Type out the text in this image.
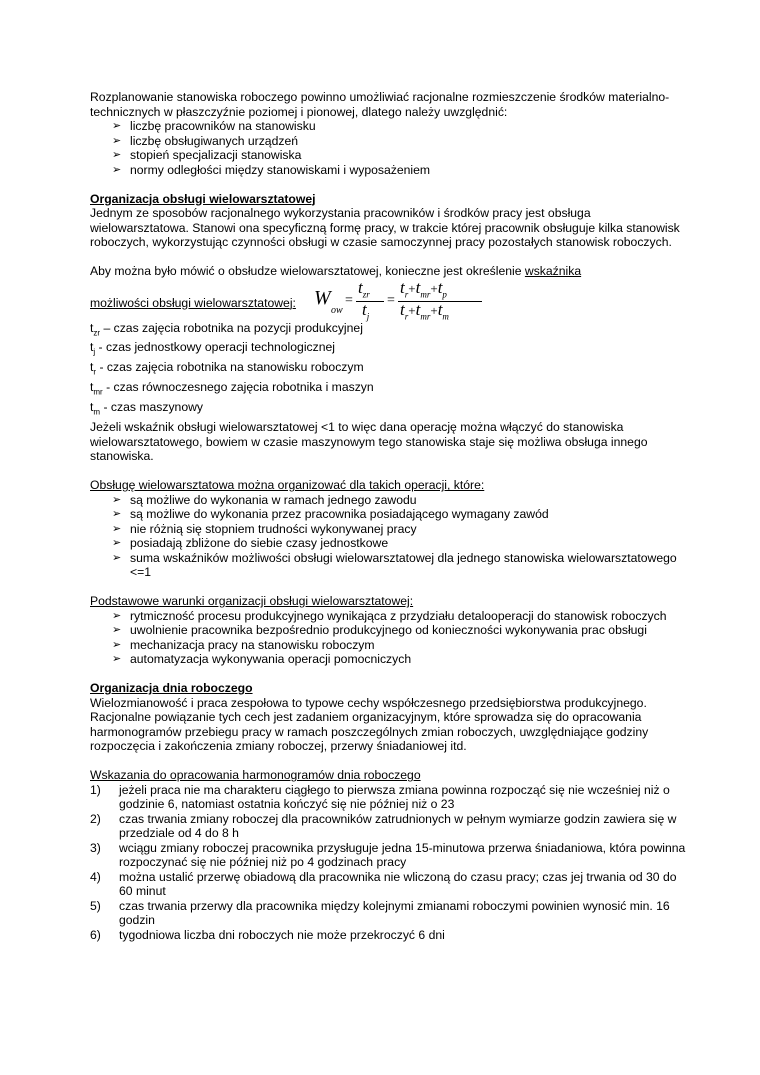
Rozplanowanie stanowiska roboczego powinno umożliwiać racjonalne rozmieszczenie środków materialno-technicznych w płaszczyźnie poziomej i pionowej, dlatego należy uwzględnić:

➢ liczbę pracowników na stanowisku
➢ liczbę obsługiwanych urządzeń
➢ stopień specjalizacji stanowiska
➢ normy odległości między stanowiskami i wyposażeniem

Organizacja obsługi wielowarsztatowej

Jednym ze sposobów racjonalnego wykorzystania pracowników i środków pracy jest obsługa wielowarsztatowa. Stanowi ona specyficzną formę pracy, w trakcie której pracownik obsługuje kilka stanowisk roboczych, wykorzystując czynności obsługi w czasie samoczynnej pracy pozostałych stanowisk roboczych.

Aby można było mówić o obsłudze wielowarsztatowej, konieczne jest określenie wskaźnika

możliwości obsługi wielowarsztatowej: W
ow
=
$t_{zr}$
$t_j$
=
$t_r+t_{mr}+t_p$
$t_r+t_{mr}+t_m$

$t_{zr}$ – czas zajęcia robotnika na pozycji produkcyjnej

$t_j$ - czas jednostkowy operacji technologicznej

$t_r$ - czas zajęcia robotnika na stanowisku roboczym

$t_{mr}$ - czas równoczesnego zajęcia robotnika i maszyn

$t_m$ - czas maszynowy

Jeżeli wskaźnik obsługi wielowarsztatowej <1 to więc dana operację można włączyć do stanowiska wielowarsztatowego, bowiem w czasie maszynowym tego stanowiska staje się możliwa obsługa innego stanowiska.

Obsługę wielowarsztatowa można organizować dla takich operacji, które:

➢ są możliwe do wykonania w ramach jednego zawodu
➢ są możliwe do wykonania przez pracownika posiadającego wymagany zawód
➢ nie różnią się stopniem trudności wykonywanej pracy
➢ posiadają zbliżone do siebie czasy jednostkowe
➢ suma wskaźników możliwości obsługi wielowarsztatowej dla jednego stanowiska wielowarsztatowego <=1

Podstawowe warunki organizacji obsługi wielowarsztatowej:

➢ rytmiczność procesu produkcyjnego wynikająca z przydziału detalooperacji do stanowisk roboczych
➢ uwolnienie pracownika bezpośrednio produkcyjnego od konieczności wykonywania prac obsługi
➢ mechanizacja pracy na stanowisku roboczym
➢ automatyzacja wykonywania operacji pomocniczych

Organizacja dnia roboczego

Wielozmianowość i praca zespołowa to typowe cechy współczesnego przedsiębiorstwa produkcyjnego. Racjonalne powiązanie tych cech jest zadaniem organizacyjnym, które sprowadza się do opracowania harmonogramów przebiegu pracy w ramach poszczególnych zmian roboczych, uwzględniające godziny rozpoczęcia i zakończenia zmiany roboczej, przerwy śniadaniowej itd.

Wskazania do opracowania harmonogramów dnia roboczego

1) jeżeli praca nie ma charakteru ciągłego to pierwsza zmiana powinna rozpocząć się nie wcześniej niż o godzinie 6, natomiast ostatnia kończyć się nie później niż o 23
2) czas trwania zmiany roboczej dla pracowników zatrudnionych w pełnym wymiarze godzin zawiera się w przedziale od 4 do 8 h
3) wciągu zmiany roboczej pracownika przysługuje jedna 15-minutowa przerwa śniadaniowa, która powinna rozpoczynać się nie później niż po 4 godzinach pracy
4) można ustalić przerwę obiadową dla pracownika nie wliczoną do czasu pracy; czas jej trwania od 30 do 60 minut
5) czas trwania przerwy dla pracownika między kolejnymi zmianami roboczymi powinien wynosić min. 16 godzin
6) tygodniowa liczba dni roboczych nie może przekroczyć 6 dni
